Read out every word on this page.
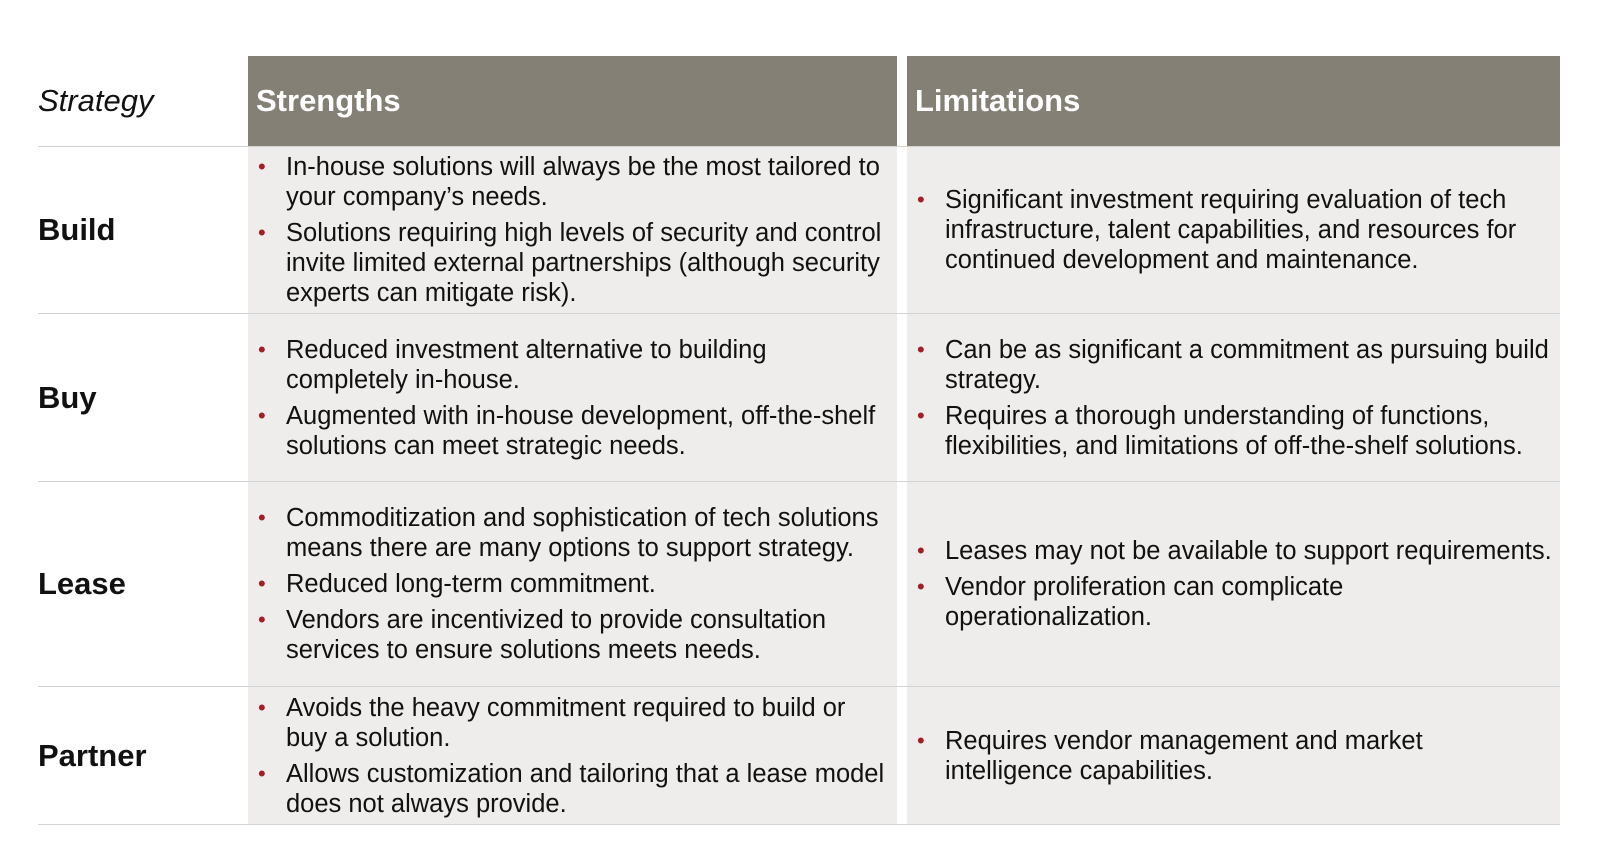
Strategy	Strengths	Limitations
Build
• In-house solutions will always be the most tailored to your company’s needs.
• Solutions requiring high levels of security and control invite limited external partnerships (although security experts can mitigate risk).
• Significant investment requiring evaluation of tech infrastructure, talent capabilities, and resources for continued development and maintenance.
Buy
• Reduced investment alternative to building completely in-house.
• Augmented with in-house development, off-the-shelf solutions can meet strategic needs.
• Can be as significant a commitment as pursuing build strategy.
• Requires a thorough understanding of functions, flexibilities, and limitations of off-the-shelf solutions.
Lease
• Commoditization and sophistication of tech solutions means there are many options to support strategy.
• Reduced long-term commitment.
• Vendors are incentivized to provide consultation services to ensure solutions meets needs.
• Leases may not be available to support requirements.
• Vendor proliferation can complicate operationalization.
Partner
• Avoids the heavy commitment required to build or buy a solution.
• Allows customization and tailoring that a lease model does not always provide.
• Requires vendor management and market intelligence capabilities.
